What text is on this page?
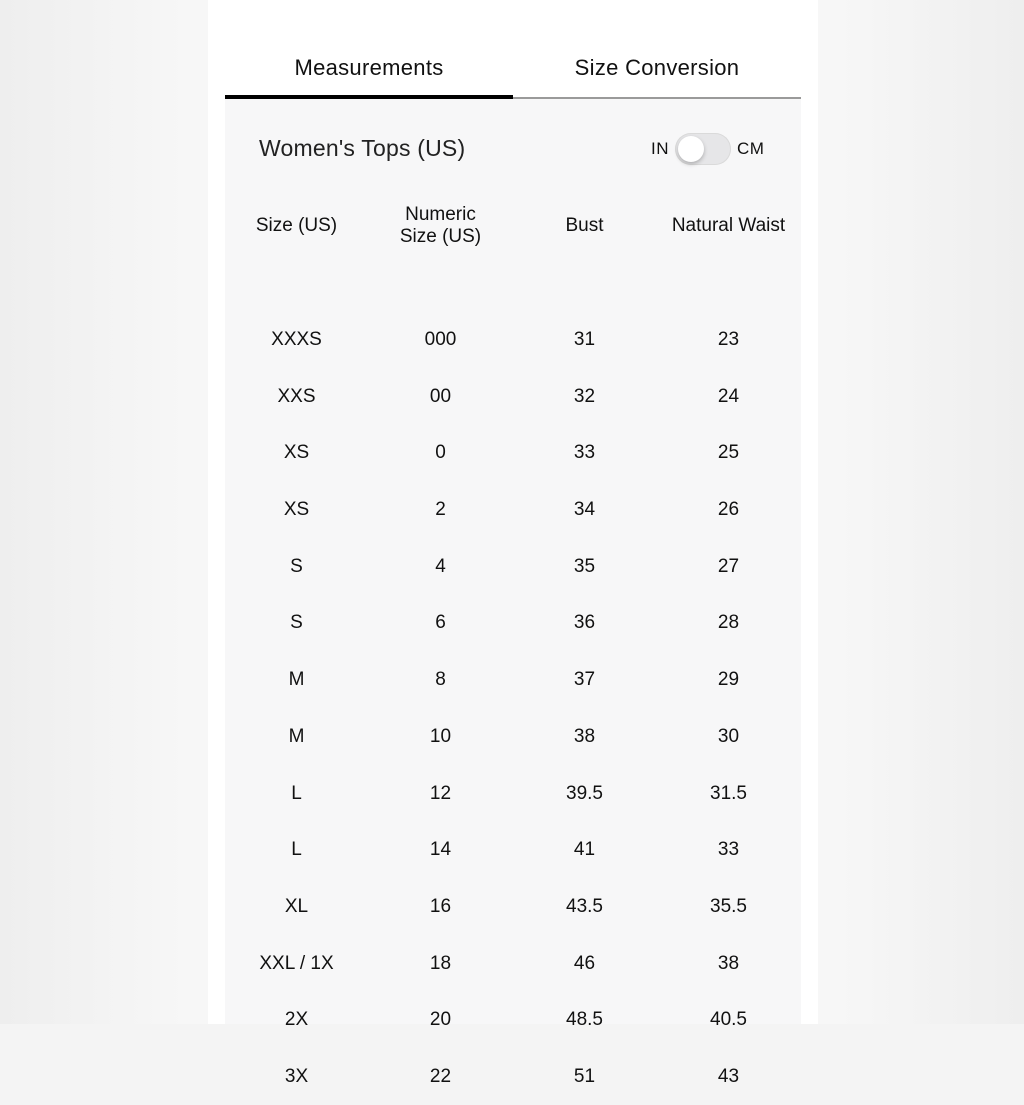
Measurements	Size Conversion
Women's Tops (US)	IN	CM
Size (US)	Numeric Size (US)	Bust	Natural Waist

XXXS	000	31	23
XXS	00	32	24
XS	0	33	25
XS	2	34	26
S	4	35	27
S	6	36	28
M	8	37	29
M	10	38	30
L	12	39.5	31.5
L	14	41	33
XL	16	43.5	35.5
XXL / 1X	18	46	38
2X	20	48.5	40.5
3X	22	51	43
